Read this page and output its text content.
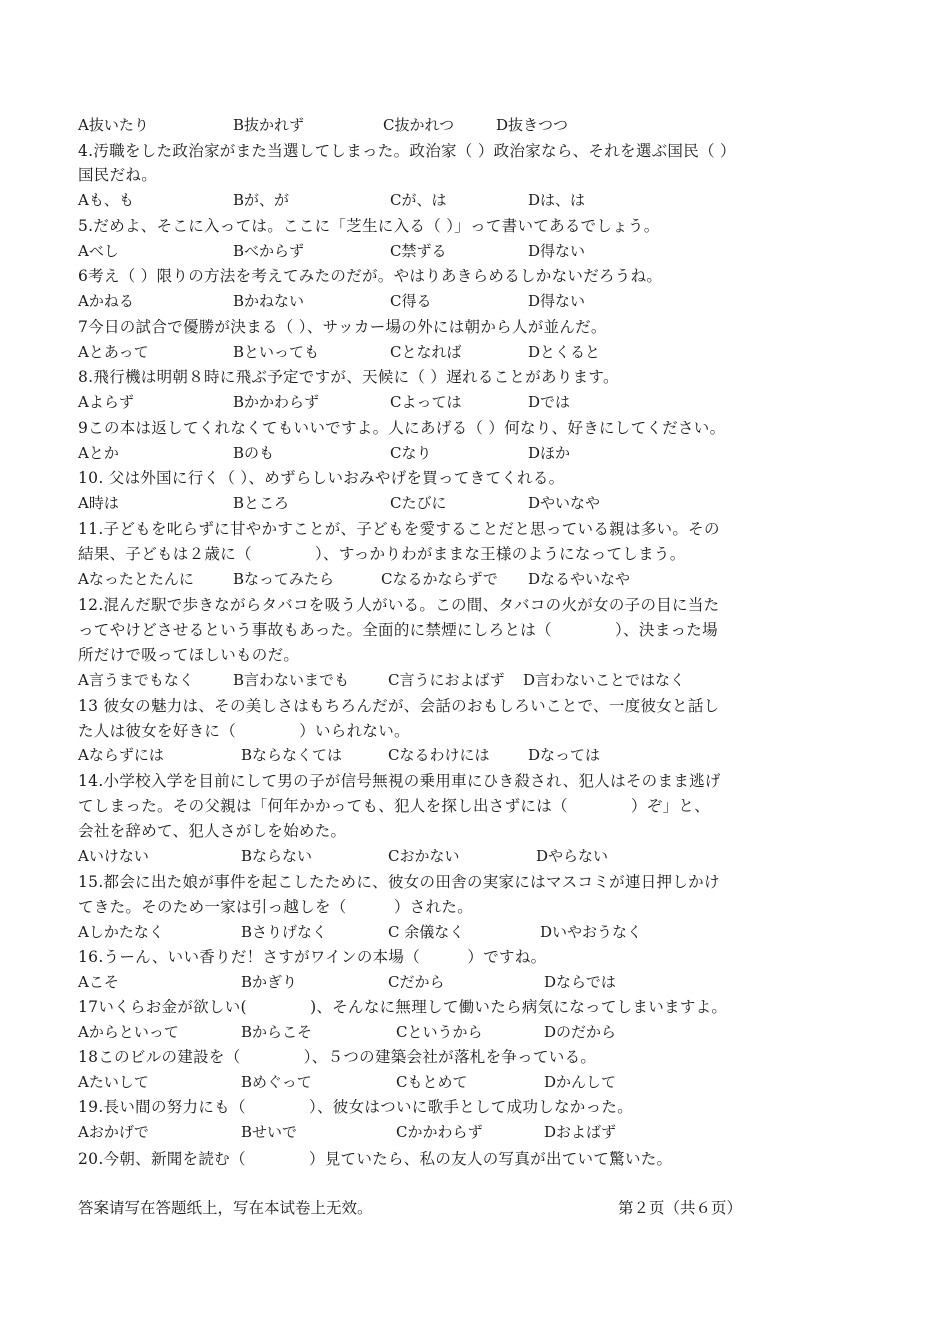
A抜いたり	B抜かれず	C抜かれつ	D抜きつつ
4.汚職をした政治家がまた当選してしまった。政治家（ ）政治家なら、それを選ぶ国民（ ）
国民だね。
Aも、も	Bが、が	Cが、は	Dは、は
5.だめよ、そこに入っては。ここに「芝生に入る（ ）」って書いてあるでしょう。
Aべし	Bべからず	C禁ずる	D得ない
6考え（ ）限りの方法を考えてみたのだが。やはりあきらめるしかないだろうね。
Aかねる	Bかねない	C得る	D得ない
7今日の試合で優勝が決まる（ ）、サッカー場の外には朝から人が並んだ。
Aとあって	Bといっても	Cとなれば	Dとくると
8.飛行機は明朝８時に飛ぶ予定ですが、天候に（ ）遅れることがあります。
Aよらず	Bかかわらず	Cよっては	Dでは
9この本は返してくれなくてもいいですよ。人にあげる（ ）何なり、好きにしてください。
Aとか	Bのも	Cなり	Dほか
10. 父は外国に行く（ ）、めずらしいおみやげを買ってきてくれる。
A時は	Bところ	Cたびに	Dやいなや
11.子どもを叱らずに甘やかすことが、子どもを愛することだと思っている親は多い。その
結果、子どもは２歳に（　　　　）、すっかりわがままな王様のようになってしまう。
Aなったとたんに	Bなってみたら	Cなるかならずで Dなるやいなや
12.混んだ駅で歩きながらタバコを吸う人がいる。この間、タバコの火が女の子の目に当た
ってやけどさせるという事故もあった。全面的に禁煙にしろとは（　　　　）、決まった場
所だけで吸ってほしいものだ。
A言うまでもなく	B言わないまでも	C言うにおよばず D言わないことではなく
13 彼女の魅力は、その美しさはもちろんだが、会話のおもしろいことで、一度彼女と話し
た人は彼女を好きに（　　　　）いられない。
Aならずには	Bならなくては	Cなるわけには	Dなっては
14.小学校入学を目前にして男の子が信号無視の乗用車にひき殺され、犯人はそのまま逃げ
てしまった。その父親は「何年かかっても、犯人を探し出さずには（　　　　）ぞ」と、
会社を辞めて、犯人さがしを始めた。
Aいけない	Bならない	Cおかない	Dやらない
15.都会に出た娘が事件を起こしたために、彼女の田舎の実家にはマスコミが連日押しかけ
てきた。そのため一家は引っ越しを（　　　）された。
Aしかたなく	Bさりげなく	C 余儀なく	Dいやおうなく
16.うーん、いい香りだ！さすがワインの本場（　　　）ですね。
Aこそ	Bかぎり	Cだから	Dならでは
17いくらお金が欲しい(　　　　)、そんなに無理して働いたら病気になってしまいますよ。
Aからといって	Bからこそ	Cというから	Dのだから
18このビルの建設を（　　　　）、５つの建築会社が落札を争っている。
Aたいして	Bめぐって	Cもとめて	Dかんして
19.長い間の努力にも（　　　　）、彼女はついに歌手として成功しなかった。
Aおかげで	Bせいで	Cかかわらず	Dおよばず
20.今朝、新聞を読む（　　　　）見ていたら、私の友人の写真が出ていて驚いた。
答案请写在答题纸上，写在本试卷上无效。	第２页（共６页）
